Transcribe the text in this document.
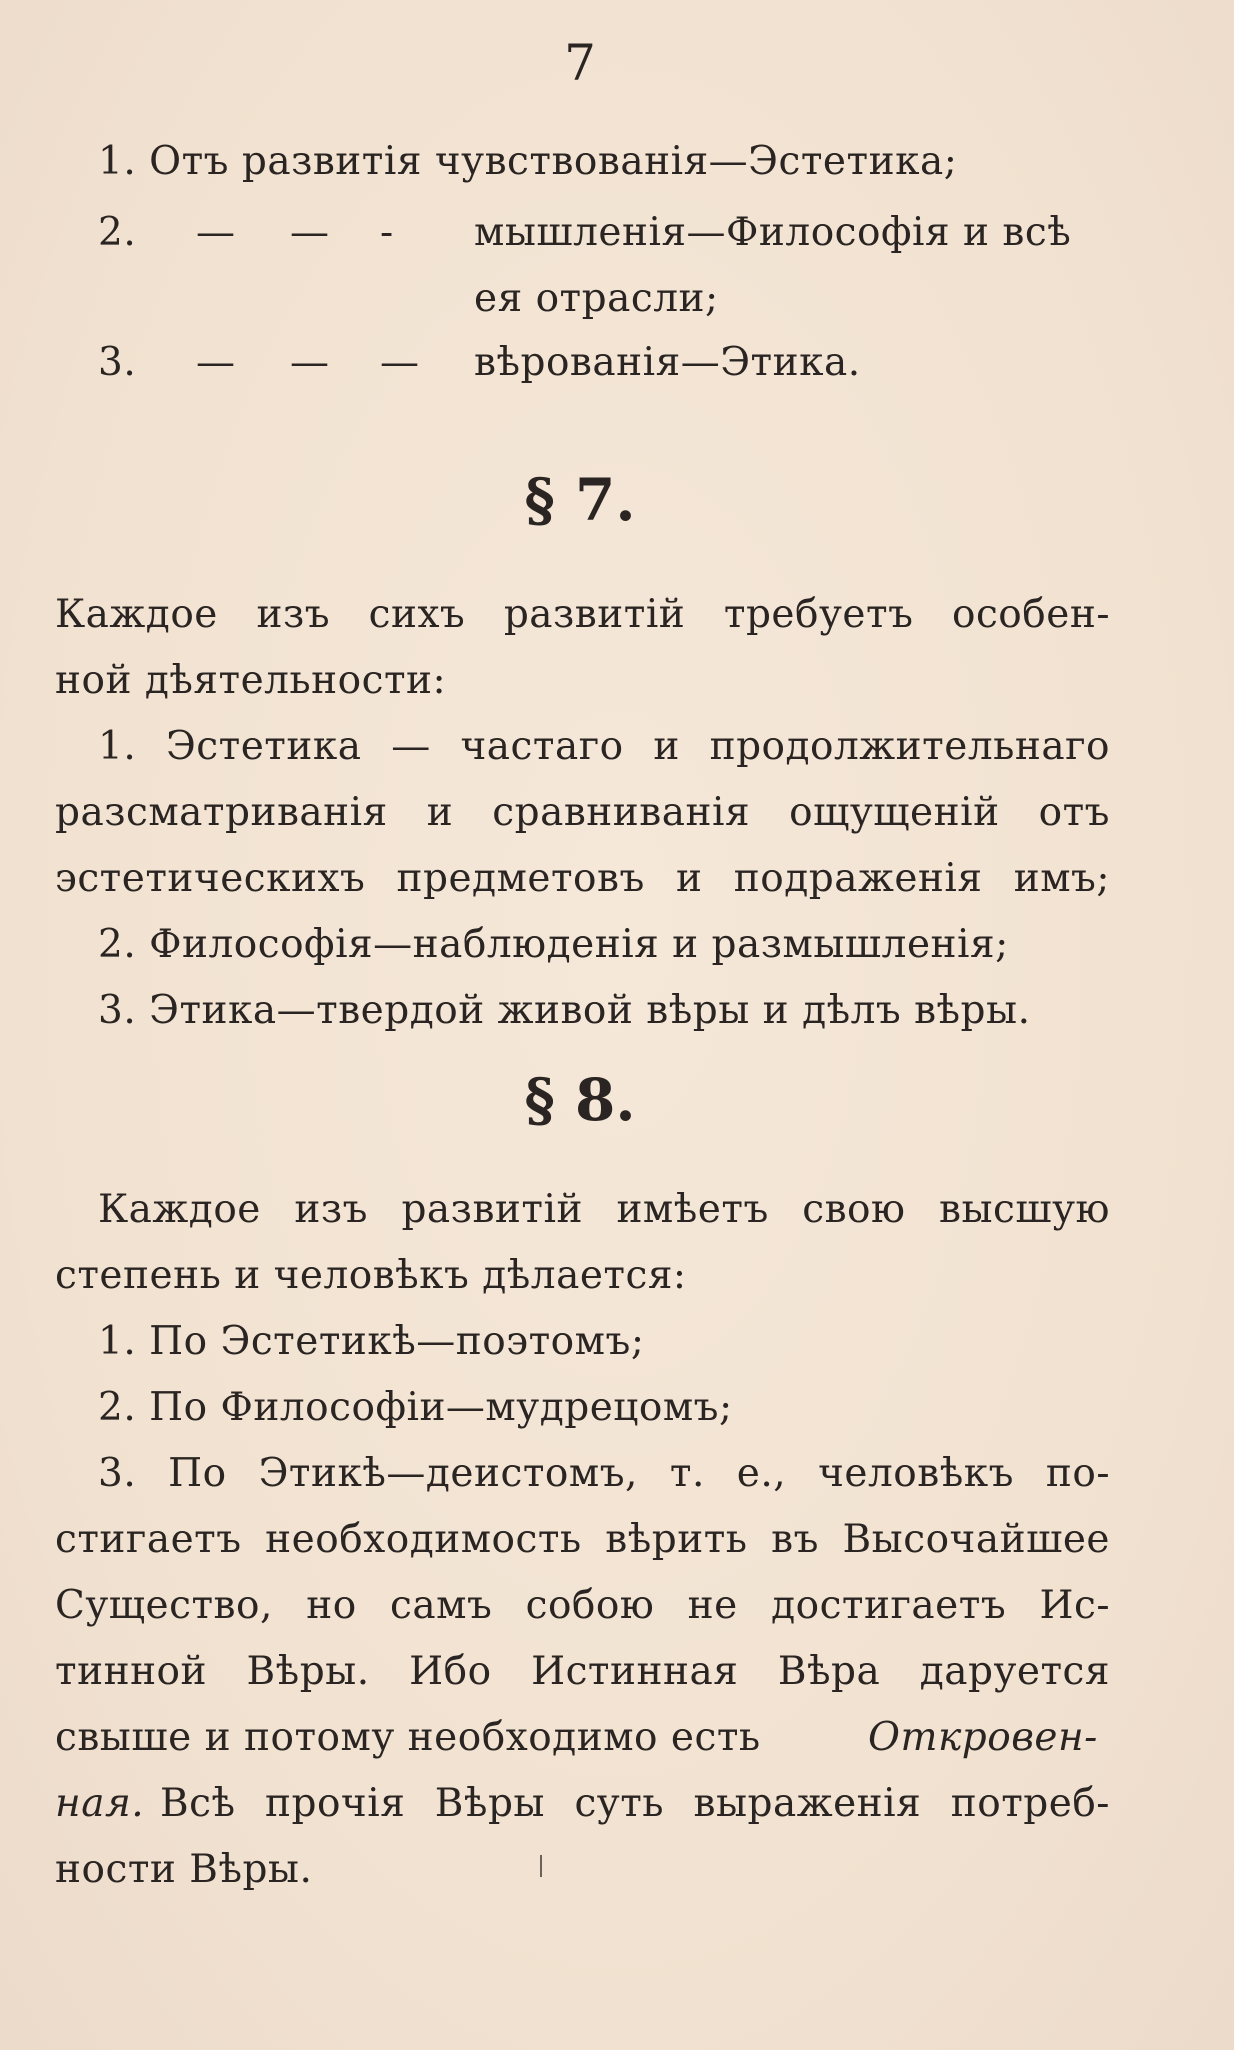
7
1. Отъ развитія чувствованія—Эстетика;
2. — — - мышленія—Философія и всѣ
ея отрасли;
3. — — — вѣрованія—Этика.
§ 7.
Каждое изъ сихъ развитій требуетъ особен-
ной дѣятельности:
1. Эстетика — частаго и продолжительнаго
разсматриванія и сравниванія ощущеній отъ
эстетическихъ предметовъ и подраженія имъ;
2. Философія—наблюденія и размышленія;
3. Этика—твердой живой вѣры и дѣлъ вѣры.
§ 8.
Каждое изъ развитій имѣетъ свою высшую
степень и человѣкъ дѣлается:
1. По Эстетикѣ—поэтомъ;
2. По Философіи—мудрецомъ;
3. По Этикѣ—деистомъ, т. е., человѣкъ по-
стигаетъ необходимость вѣрить въ Высочайшее
Существо, но самъ собою не достигаетъ Ис-
тинной Вѣры. Ибо Истинная Вѣра даруется
свыше и потому необходимо есть	Откровен-
ная. Всѣ прочія Вѣры суть выраженія потреб-
ности Вѣры.
